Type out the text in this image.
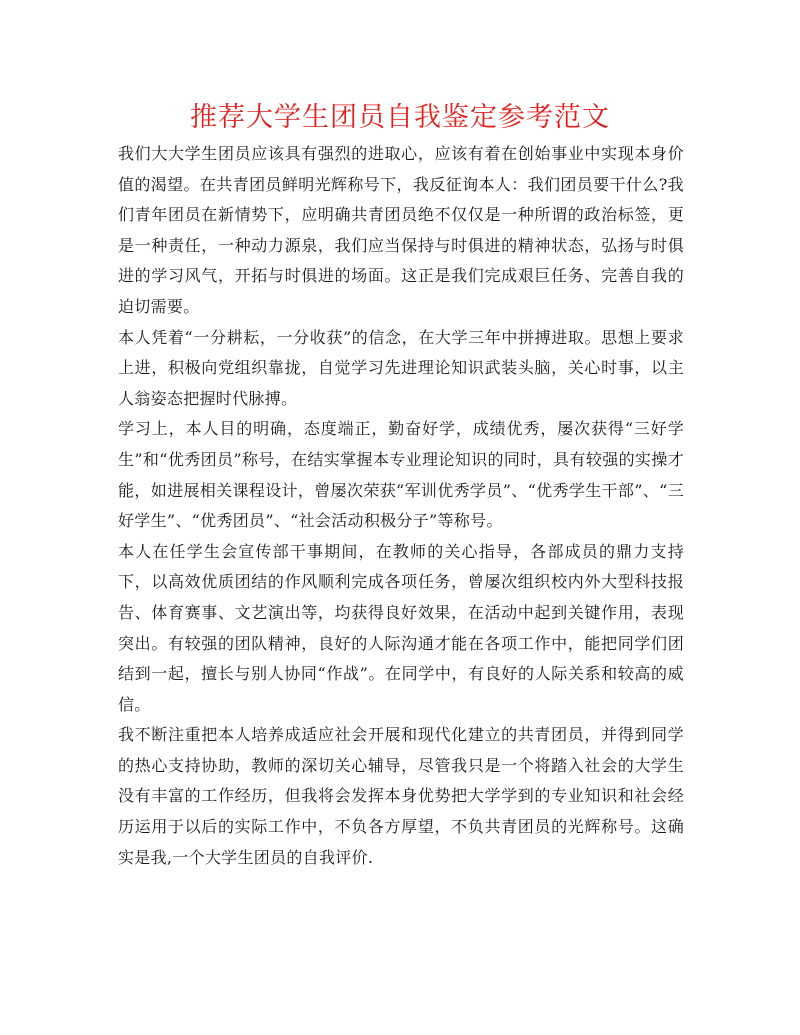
推荐大学生团员自我鉴定参考范文

我们大大学生团员应该具有强烈的进取心，应该有着在创始事业中实现本身价值的渴望。在共青团员鲜明光辉称号下，我反征询本人：我们团员要干什么?我们青年团员在新情势下，应明确共青团员绝不仅仅是一种所谓的政治标签，更是一种责任，一种动力源泉，我们应当保持与时俱进的精神状态，弘扬与时俱进的学习风气，开拓与时俱进的场面。这正是我们完成艰巨任务、完善自我的迫切需要。

本人凭着“一分耕耘，一分收获”的信念，在大学三年中拼搏进取。思想上要求上进，积极向党组织靠拢，自觉学习先进理论知识武装头脑，关心时事，以主人翁姿态把握时代脉搏。

学习上，本人目的明确，态度端正，勤奋好学，成绩优秀，屡次获得“三好学生”和“优秀团员”称号，在结实掌握本专业理论知识的同时，具有较强的实操才能，如进展相关课程设计，曾屡次荣获“军训优秀学员”、“优秀学生干部”、“三好学生”、“优秀团员”、“社会活动积极分子”等称号。

本人在任学生会宣传部干事期间，在教师的关心指导，各部成员的鼎力支持下，以高效优质团结的作风顺利完成各项任务，曾屡次组织校内外大型科技报告、体育赛事、文艺演出等，均获得良好效果，在活动中起到关键作用，表现突出。有较强的团队精神，良好的人际沟通才能在各项工作中，能把同学们团结到一起，擅长与别人协同“作战”。在同学中，有良好的人际关系和较高的威信。

我不断注重把本人培养成适应社会开展和现代化建立的共青团员，并得到同学的热心支持协助，教师的深切关心辅导，尽管我只是一个将踏入社会的大学生没有丰富的工作经历，但我将会发挥本身优势把大学学到的专业知识和社会经历运用于以后的实际工作中，不负各方厚望，不负共青团员的光辉称号。这确实是我,一个大学生团员的自我评价.
